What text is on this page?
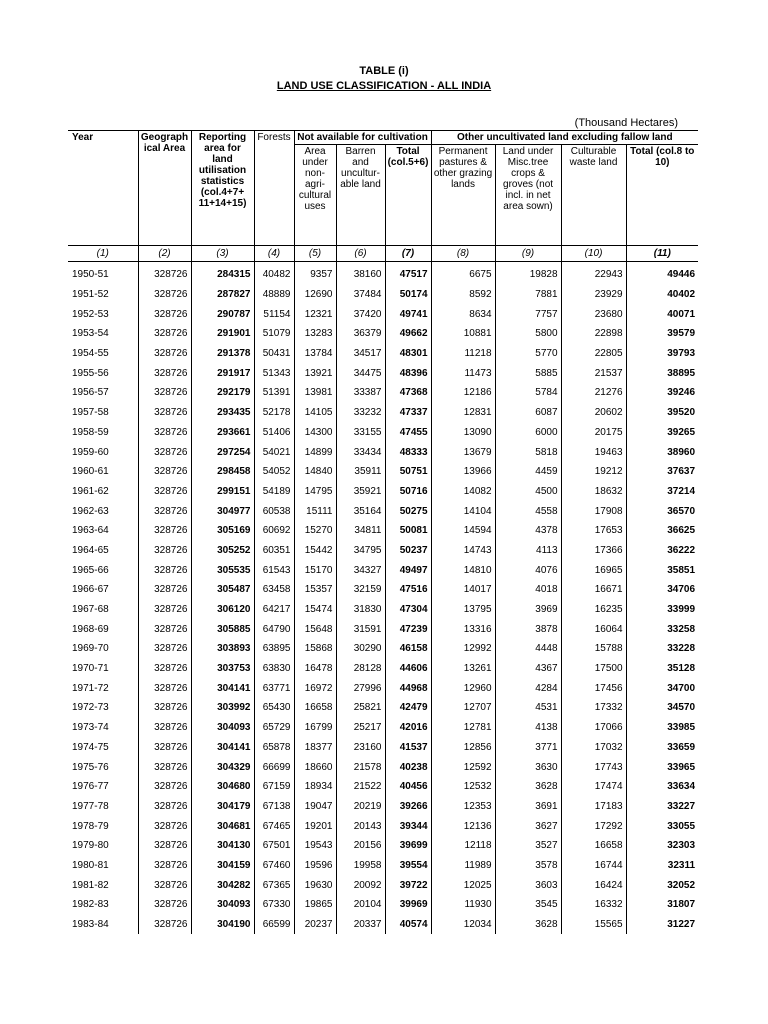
TABLE (i)
LAND USE CLASSIFICATION - ALL INDIA
(Thousand Hectares)
Year	Geograph ical Area	Reporting area for land utilisation statistics (col.4+7+ 11+14+15)	Forests	Not available for cultivation			Other uncultivated land excluding fallow land			
				Area under non- agri- cultural uses	Barren and uncultur- able land	Total (col.5+6)	Permanent pastures & other grazing lands	Land under Misc.tree crops & groves (not incl. in net area sown)	Culturable waste land	Total (col.8 to 10)
(1)	(2)	(3)	(4)	(5)	(6)	(7)	(8)	(9)	(10)	(11)
1950-51	328726	284315	40482	9357	38160	47517	6675	19828	22943	49446
1951-52	328726	287827	48889	12690	37484	50174	8592	7881	23929	40402
1952-53	328726	290787	51154	12321	37420	49741	8634	7757	23680	40071
1953-54	328726	291901	51079	13283	36379	49662	10881	5800	22898	39579
1954-55	328726	291378	50431	13784	34517	48301	11218	5770	22805	39793
1955-56	328726	291917	51343	13921	34475	48396	11473	5885	21537	38895
1956-57	328726	292179	51391	13981	33387	47368	12186	5784	21276	39246
1957-58	328726	293435	52178	14105	33232	47337	12831	6087	20602	39520
1958-59	328726	293661	51406	14300	33155	47455	13090	6000	20175	39265
1959-60	328726	297254	54021	14899	33434	48333	13679	5818	19463	38960
1960-61	328726	298458	54052	14840	35911	50751	13966	4459	19212	37637
1961-62	328726	299151	54189	14795	35921	50716	14082	4500	18632	37214
1962-63	328726	304977	60538	15111	35164	50275	14104	4558	17908	36570
1963-64	328726	305169	60692	15270	34811	50081	14594	4378	17653	36625
1964-65	328726	305252	60351	15442	34795	50237	14743	4113	17366	36222
1965-66	328726	305535	61543	15170	34327	49497	14810	4076	16965	35851
1966-67	328726	305487	63458	15357	32159	47516	14017	4018	16671	34706
1967-68	328726	306120	64217	15474	31830	47304	13795	3969	16235	33999
1968-69	328726	305885	64790	15648	31591	47239	13316	3878	16064	33258
1969-70	328726	303893	63895	15868	30290	46158	12992	4448	15788	33228
1970-71	328726	303753	63830	16478	28128	44606	13261	4367	17500	35128
1971-72	328726	304141	63771	16972	27996	44968	12960	4284	17456	34700
1972-73	328726	303992	65430	16658	25821	42479	12707	4531	17332	34570
1973-74	328726	304093	65729	16799	25217	42016	12781	4138	17066	33985
1974-75	328726	304141	65878	18377	23160	41537	12856	3771	17032	33659
1975-76	328726	304329	66699	18660	21578	40238	12592	3630	17743	33965
1976-77	328726	304680	67159	18934	21522	40456	12532	3628	17474	33634
1977-78	328726	304179	67138	19047	20219	39266	12353	3691	17183	33227
1978-79	328726	304681	67465	19201	20143	39344	12136	3627	17292	33055
1979-80	328726	304130	67501	19543	20156	39699	12118	3527	16658	32303
1980-81	328726	304159	67460	19596	19958	39554	11989	3578	16744	32311
1981-82	328726	304282	67365	19630	20092	39722	12025	3603	16424	32052
1982-83	328726	304093	67330	19865	20104	39969	11930	3545	16332	31807
1983-84	328726	304190	66599	20237	20337	40574	12034	3628	15565	31227
